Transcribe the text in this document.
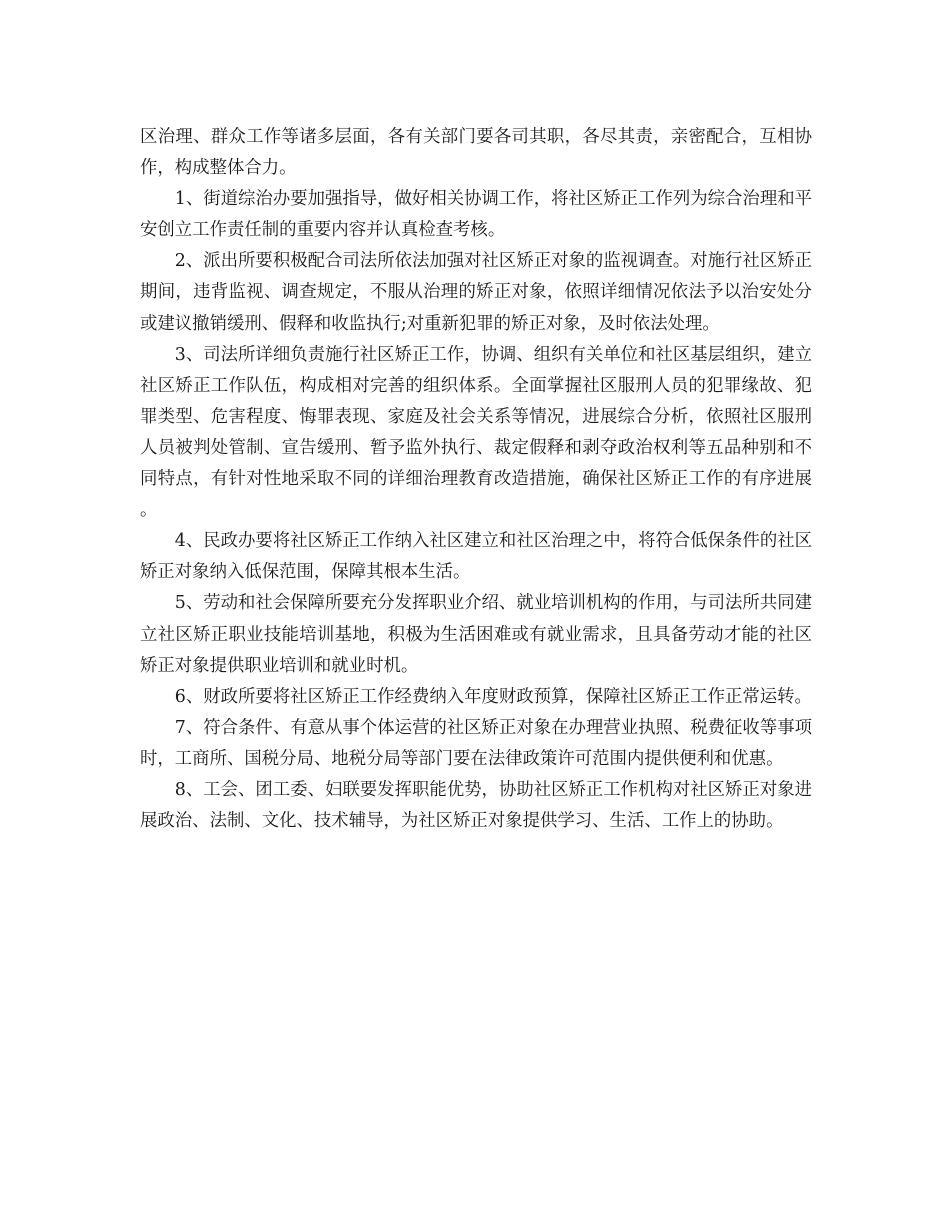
区治理、群众工作等诸多层面，各有关部门要各司其职，各尽其责，亲密配合，互相协作，构成整体合力。

1、街道综治办要加强指导，做好相关协调工作，将社区矫正工作列为综合治理和平安创立工作责任制的重要内容并认真检查考核。

2、派出所要积极配合司法所依法加强对社区矫正对象的监视调查。对施行社区矫正期间，违背监视、调查规定，不服从治理的矫正对象，依照详细情况依法予以治安处分或建议撤销缓刑、假释和收监执行;对重新犯罪的矫正对象，及时依法处理。

3、司法所详细负责施行社区矫正工作，协调、组织有关单位和社区基层组织，建立社区矫正工作队伍，构成相对完善的组织体系。全面掌握社区服刑人员的犯罪缘故、犯罪类型、危害程度、悔罪表现、家庭及社会关系等情况，进展综合分析，依照社区服刑人员被判处管制、宣告缓刑、暂予监外执行、裁定假释和剥夺政治权利等五品种别和不同特点，有针对性地采取不同的详细治理教育改造措施，确保社区矫正工作的有序进展。

4、民政办要将社区矫正工作纳入社区建立和社区治理之中，将符合低保条件的社区矫正对象纳入低保范围，保障其根本生活。

5、劳动和社会保障所要充分发挥职业介绍、就业培训机构的作用，与司法所共同建立社区矫正职业技能培训基地，积极为生活困难或有就业需求，且具备劳动才能的社区矫正对象提供职业培训和就业时机。

6、财政所要将社区矫正工作经费纳入年度财政预算，保障社区矫正工作正常运转。

7、符合条件、有意从事个体运营的社区矫正对象在办理营业执照、税费征收等事项时，工商所、国税分局、地税分局等部门要在法律政策许可范围内提供便利和优惠。

8、工会、团工委、妇联要发挥职能优势，协助社区矫正工作机构对社区矫正对象进展政治、法制、文化、技术辅导，为社区矫正对象提供学习、生活、工作上的协助。
